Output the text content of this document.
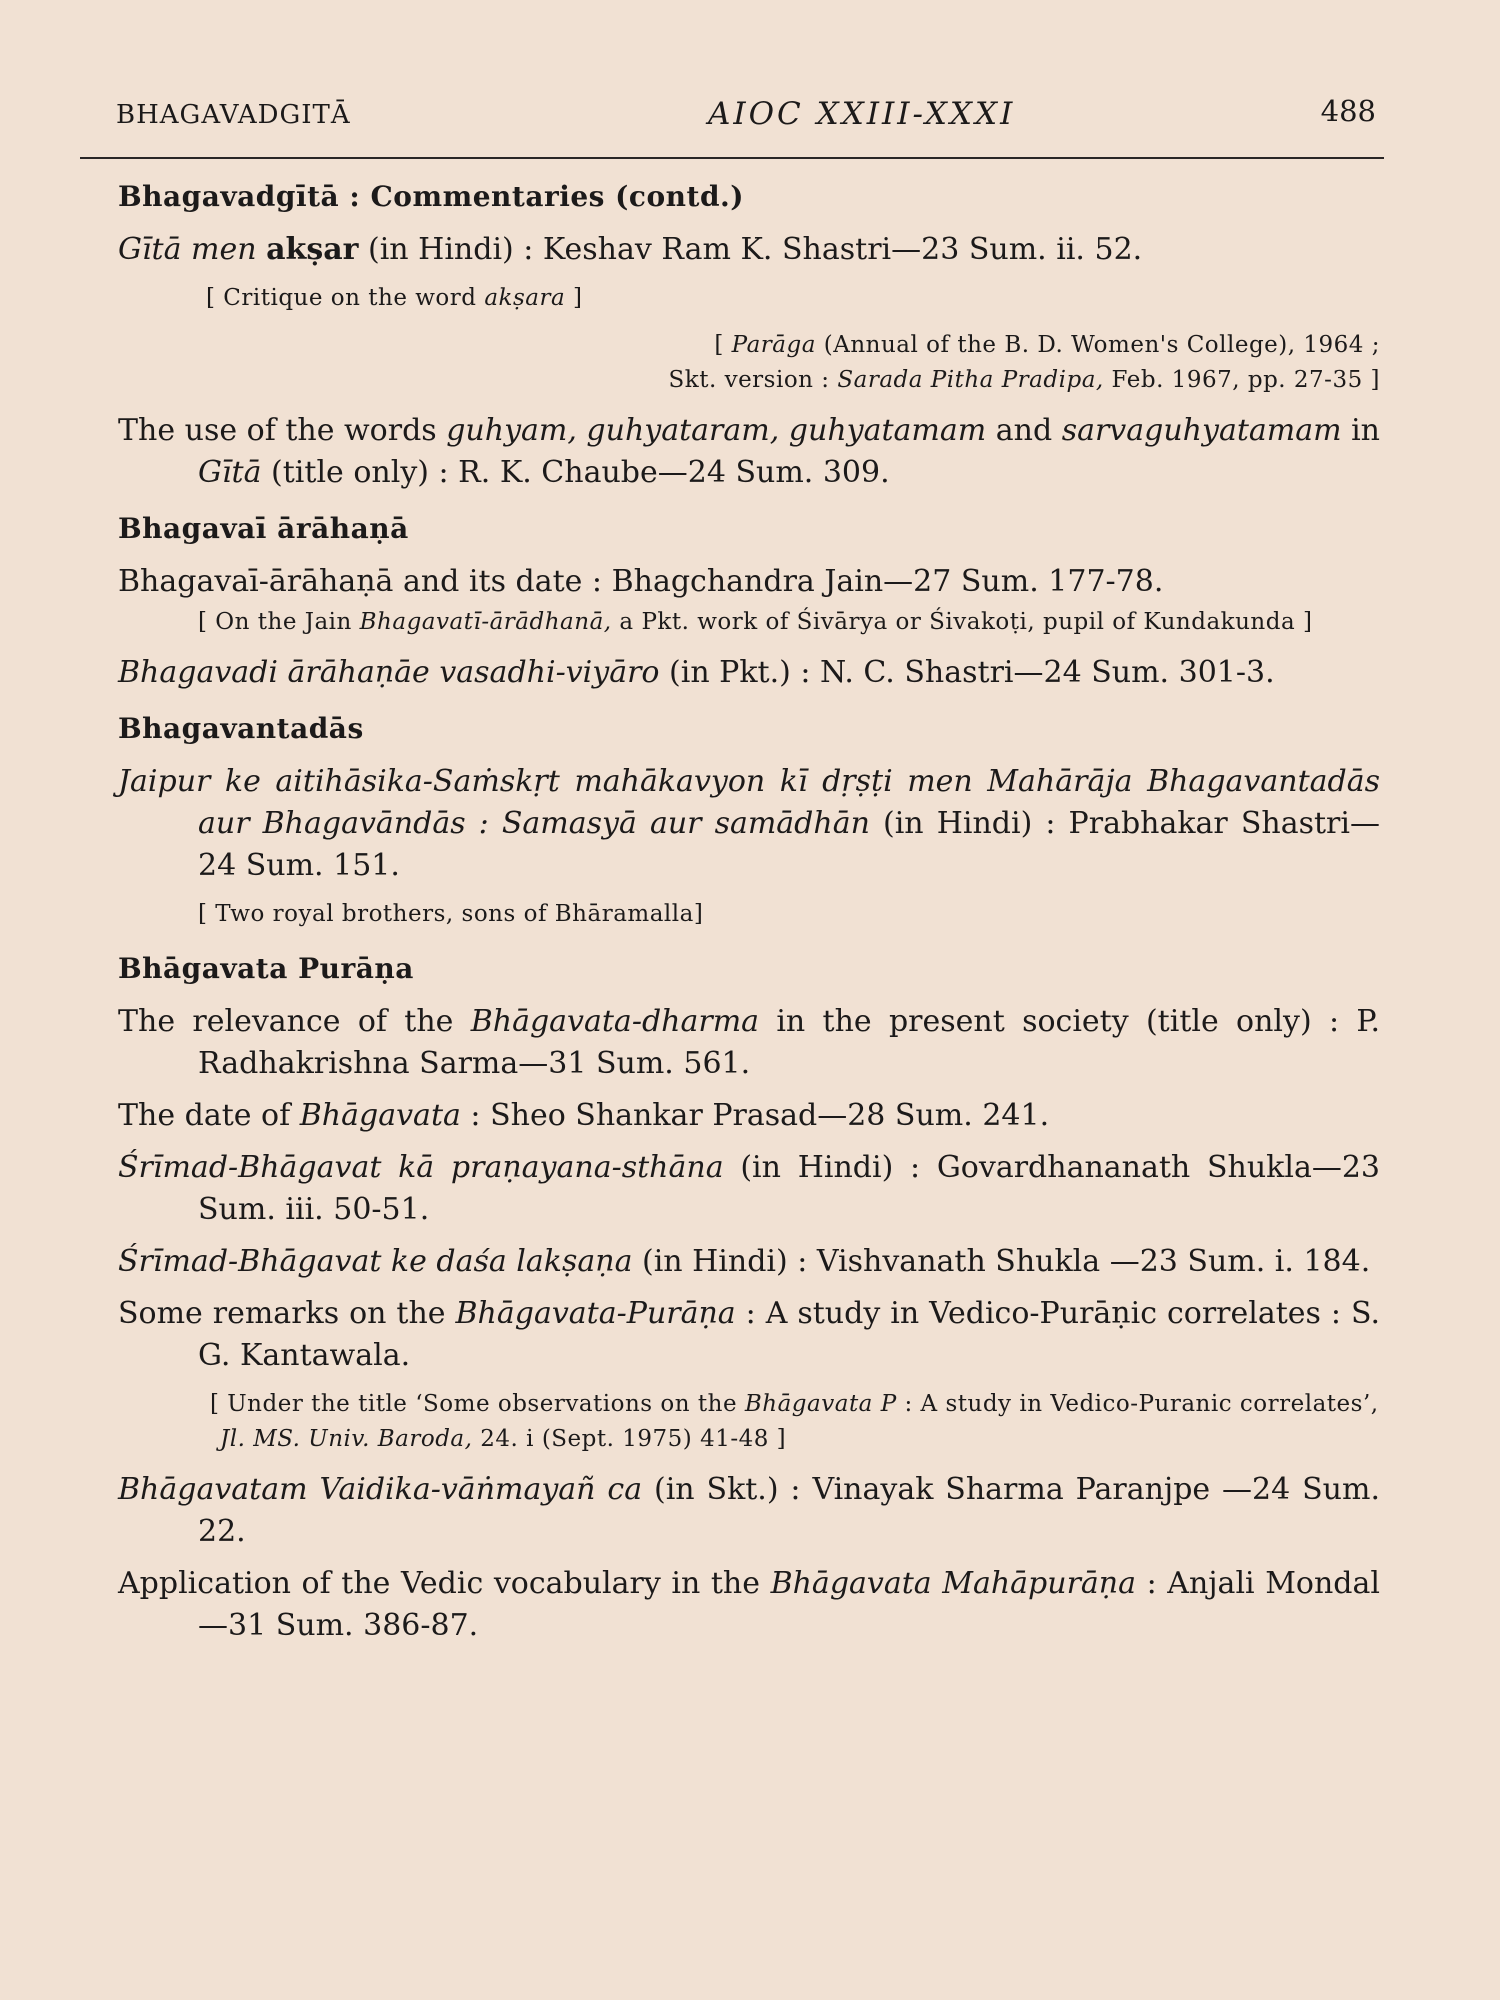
BHAGAVADGITĀ	AIOC XXIII-XXXI	488
Bhagavadgītā : Commentaries (contd.)

Gītā men akṣar (in Hindi) : Keshav Ram K. Shastri—23 Sum. ii. 52.

[ Critique on the word akṣara ]

[ Parāga (Annual of the B. D. Women's College), 1964 ;

Skt. version : Sarada Pitha Pradipa, Feb. 1967, pp. 27-35 ]

The use of the words guhyam, guhyataram, guhyatamam and sarvaguhyatamam in Gītā (title only) : R. K. Chaube—24 Sum. 309.

Bhagavaī ārāhaṇā

Bhagavaī-ārāhaṇā and its date : Bhagchandra Jain—27 Sum. 177-78.

[ On the Jain Bhagavatī-ārādhanā, a Pkt. work of Śivārya or Śivakoṭi, pupil of Kundakunda ]

Bhagavadi ārāhaṇāe vasadhi-viyāro (in Pkt.) : N. C. Shastri—24 Sum. 301-3.

Bhagavantadās

Jaipur ke aitihāsika-Saṁskṛt mahākavyon kī dṛṣṭi men Mahārāja Bhagavantadās aur Bhagavāndās : Samasyā aur samādhān (in Hindi) : Prabhakar Shastri—24 Sum. 151.

[ Two royal brothers, sons of Bhāramalla]

Bhāgavata Purāṇa

The relevance of the Bhāgavata-dharma in the present society (title only) : P. Radhakrishna Sarma—31 Sum. 561.

The date of Bhāgavata : Sheo Shankar Prasad—28 Sum. 241.

Śrīmad-Bhāgavat kā praṇayana-sthāna (in Hindi) : Govardhananath Shukla—23 Sum. iii. 50-51.

Śrīmad-Bhāgavat ke daśa lakṣaṇa (in Hindi) : Vishvanath Shukla —23 Sum. i. 184.

Some remarks on the Bhāgavata-Purāṇa : A study in Vedico-Purāṇic correlates : S. G. Kantawala.

[ Under the title ‘Some observations on the Bhāgavata P : A study in Vedico-Puranic correlates’, Jl. MS. Univ. Baroda, 24. i (Sept. 1975) 41-48 ]

Bhāgavatam Vaidika-vāṅmayañ ca (in Skt.) : Vinayak Sharma Paranjpe —24 Sum. 22.

Application of the Vedic vocabulary in the Bhāgavata Mahāpurāṇa : Anjali Mondal—31 Sum. 386-87.
